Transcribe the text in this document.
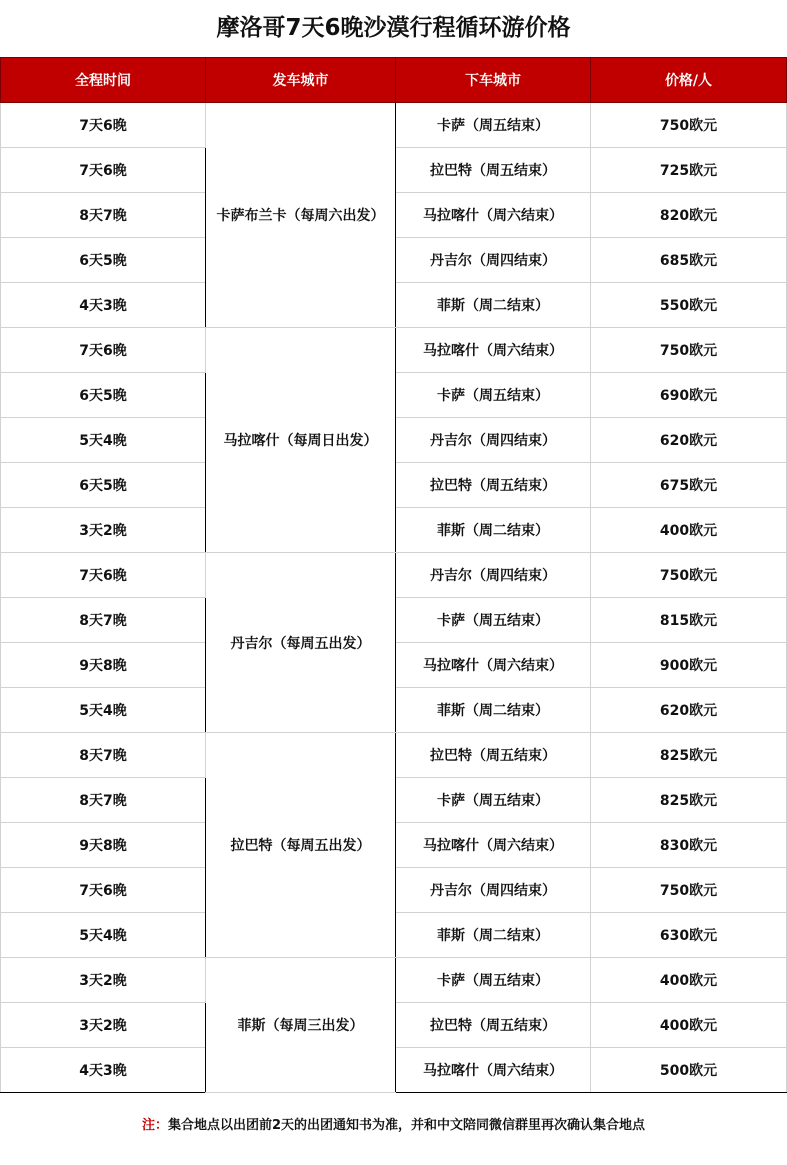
摩洛哥7天6晚沙漠行程循环游价格
全程时间	发车城市	下车城市	价格/人
7天6晚	卡萨布兰卡（每周六出发）	卡萨（周五结束）	750欧元
7天6晚		拉巴特（周五结束）	725欧元
8天7晚		马拉喀什（周六结束）	820欧元
6天5晚		丹吉尔（周四结束）	685欧元
4天3晚		菲斯（周二结束）	550欧元
7天6晚	马拉喀什（每周日出发）	马拉喀什（周六结束）	750欧元
6天5晚		卡萨（周五结束）	690欧元
5天4晚		丹吉尔（周四结束）	620欧元
6天5晚		拉巴特（周五结束）	675欧元
3天2晚		菲斯（周二结束）	400欧元
7天6晚	丹吉尔（每周五出发）	丹吉尔（周四结束）	750欧元
8天7晚		卡萨（周五结束）	815欧元
9天8晚		马拉喀什（周六结束）	900欧元
5天4晚		菲斯（周二结束）	620欧元
8天7晚	拉巴特（每周五出发）	拉巴特（周五结束）	825欧元
8天7晚		卡萨（周五结束）	825欧元
9天8晚		马拉喀什（周六结束）	830欧元
7天6晚		丹吉尔（周四结束）	750欧元
5天4晚		菲斯（周二结束）	630欧元
3天2晚	菲斯（每周三出发）	卡萨（周五结束）	400欧元
3天2晚		拉巴特（周五结束）	400欧元
4天3晚		马拉喀什（周六结束）	500欧元
注：集合地点以出团前2天的出团通知书为准，并和中文陪同微信群里再次确认集合地点
